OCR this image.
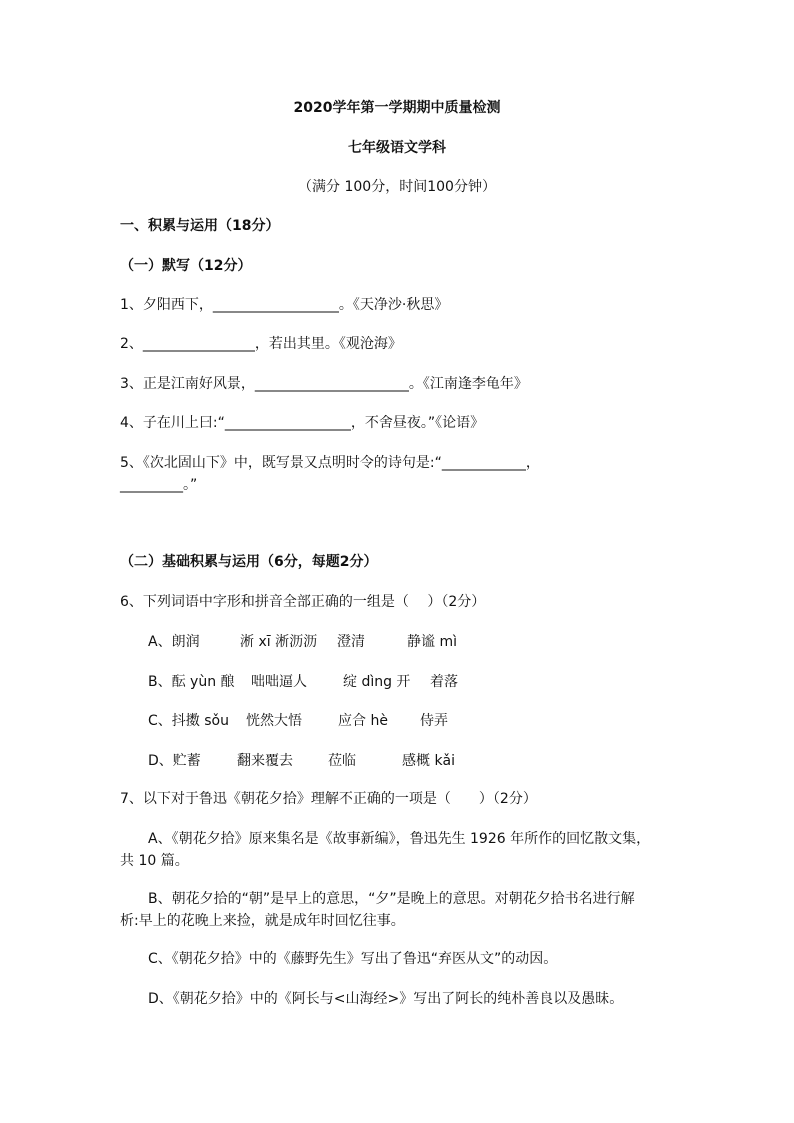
2020学年第一学期期中质量检测
七年级语文学科
（满分 100分，时间100分钟）
一、积累与运用（18分）
（一）默写（12分）
1、夕阳西下，__________________。《天净沙·秋思》
2、________________，若出其里。《观沧海》
3、正是江南好风景，______________________。《江南逢李龟年》
4、子在川上曰:“__________________，不舍昼夜。”《论语》
5、《次北固山下》中，既写景又点明时令的诗句是:“____________，
_________。”
（二）基础积累与运用（6分，每题2分）
6、下列词语中字形和拼音全部正确的一组是（　 ）（2分）
A、朗润	淅 xī 淅沥沥 澄清	静谧 mì
B、酝 yùn 酿 咄咄逼人	绽 dìng 开 着落
C、抖擞 sǒu 恍然大悟	应合 hè 侍弄
D、贮蓄	翻来覆去	莅临	感概 kǎi
7、以下对于鲁迅《朝花夕拾》理解不正确的一项是（　　）（2分）
A、《朝花夕拾》原来集名是《故事新编》，鲁迅先生 1926 年所作的回忆散文集，
共 10 篇。
B、朝花夕拾的“朝”是早上的意思，“夕”是晚上的意思。对朝花夕拾书名进行解
析:早上的花晚上来捡，就是成年时回忆往事。
C、《朝花夕拾》中的《藤野先生》写出了鲁迅“弃医从文”的动因。
D、《朝花夕拾》中的《阿长与<山海经>》写出了阿长的纯朴善良以及愚昧。
